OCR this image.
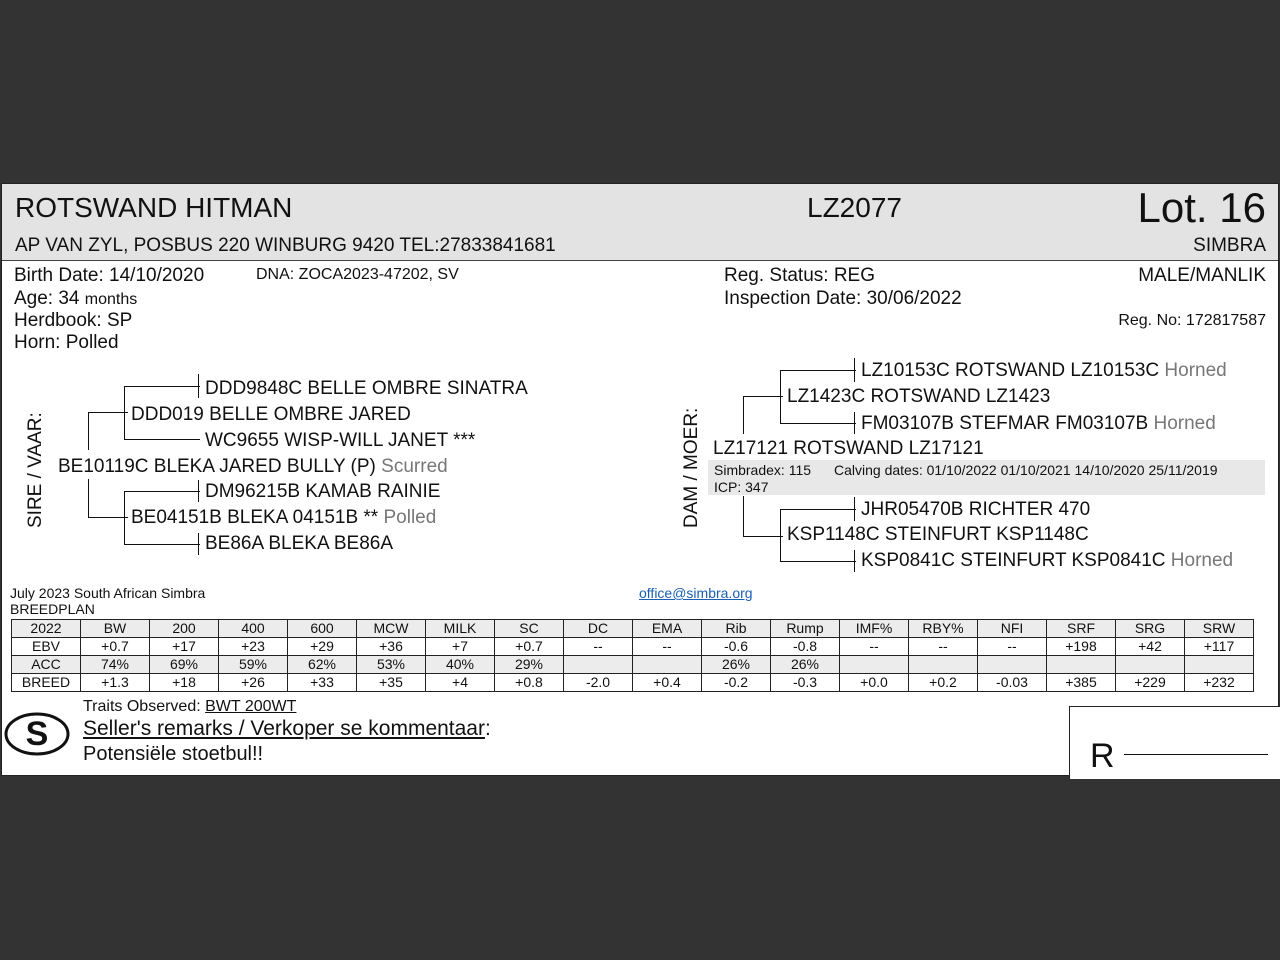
ROTSWAND HITMAN	LZ2077	Lot. 16
AP VAN ZYL, POSBUS 220 WINBURG 9420 TEL:27833841681	SIMBRA
Birth Date: 14/10/2020	DNA: ZOCA2023-47202, SV
Age: 34 months
Herdbook: SP
Horn: Polled
Reg. Status: REG
Inspection Date: 30/06/2022
MALE/MANLIK
Reg. No: 172817587
SIRE / VAAR: BE10119C BLEKA JARED BULLY (P) Scurred
DDD019 BELLE OMBRE JARED
DDD9848C BELLE OMBRE SINATRA
WC9655 WISP-WILL JANET ***
BE04151B BLEKA 04151B ** Polled
DM96215B KAMAB RAINIE
BE86A BLEKA BE86A
DAM / MOER: LZ17121 ROTSWAND LZ17121
LZ1423C ROTSWAND LZ1423
LZ10153C ROTSWAND LZ10153C Horned
FM03107B STEFMAR FM03107B Horned
KSP1148C STEINFURT KSP1148C
JHR05470B RICHTER 470
KSP0841C STEINFURT KSP0841C Horned
Simbradex: 115 Calving dates: 01/10/2022 01/10/2021 14/10/2020 25/11/2019
ICP: 347
July 2023 South African Simbra
BREEDPLAN
office@simbra.org
2022	BW	200	400	600	MCW	MILK	SC	DC	EMA	Rib	Rump	IMF%	RBY%	NFI	SRF	SRG	SRW
EBV	+0.7	+17	+23	+29	+36	+7	+0.7	--	--	-0.6	-0.8	--	--	--	+198	+42	+117
ACC	74%	69%	59%	62%	53%	40%	29%			26%	26%						
BREED	+1.3	+18	+26	+33	+35	+4	+0.8	-2.0	+0.4	-0.2	-0.3	+0.0	+0.2	-0.03	+385	+229	+232
S
Traits Observed: BWT 200WT
Seller's remarks / Verkoper se kommentaar:
Potensiële stoetbul!!	R
